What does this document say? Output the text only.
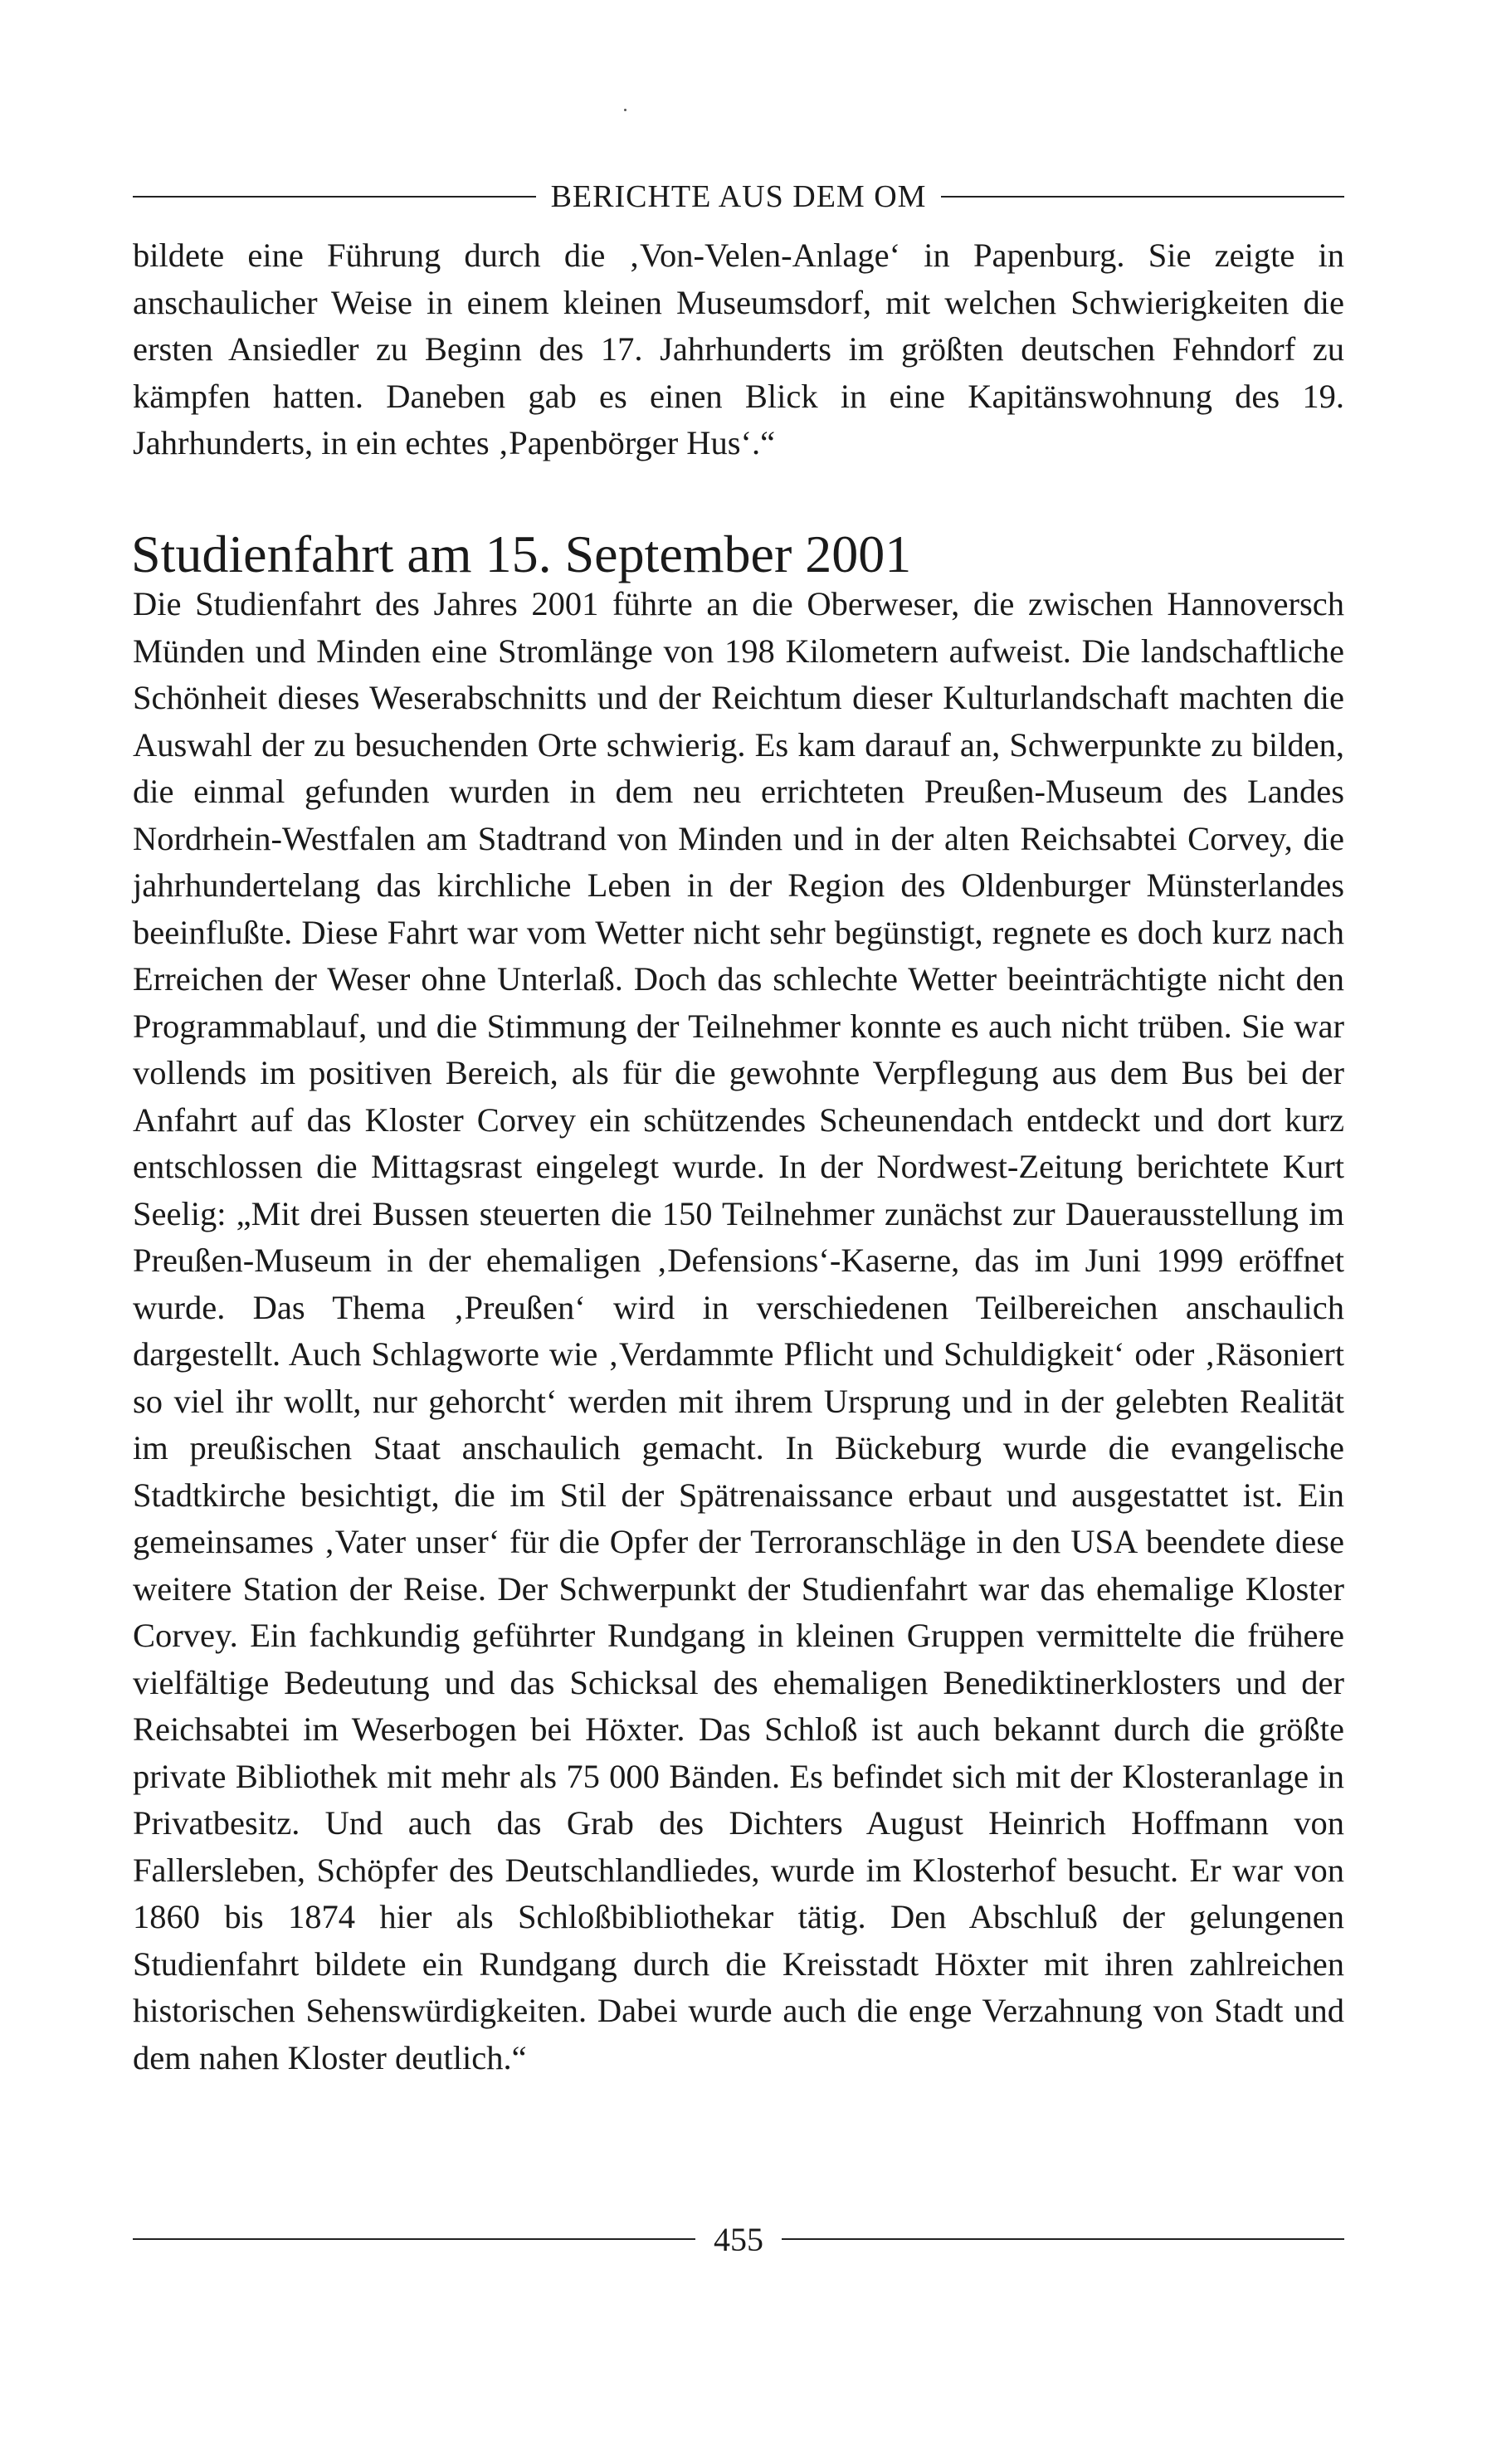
BERICHTE AUS DEM OM

bildete eine Führung durch die ‚Von-Velen-Anlage‘ in Papenburg. Sie zeigte in anschaulicher Weise in einem kleinen Museumsdorf, mit welchen Schwierigkeiten die ersten Ansiedler zu Beginn des 17. Jahrhunderts im größten deutschen Fehndorf zu kämpfen hatten. Daneben gab es einen Blick in eine Kapitänswohnung des 19. Jahrhunderts, in ein echtes ‚Papenbörger Hus‘.“

Studienfahrt am 15. September 2001

Die Studienfahrt des Jahres 2001 führte an die Oberweser, die zwischen Hannoversch Münden und Minden eine Stromlänge von 198 Kilometern aufweist. Die landschaftliche Schönheit dieses Weserabschnitts und der Reichtum dieser Kulturlandschaft machten die Auswahl der zu besuchenden Orte schwierig. Es kam darauf an, Schwerpunkte zu bilden, die einmal gefunden wurden in dem neu errichteten Preußen-Museum des Landes Nordrhein-Westfalen am Stadtrand von Minden und in der alten Reichsabtei Corvey, die jahrhundertelang das kirchliche Leben in der Region des Oldenburger Münsterlandes beeinflußte. Diese Fahrt war vom Wetter nicht sehr begünstigt, regnete es doch kurz nach Erreichen der Weser ohne Unterlaß. Doch das schlechte Wetter beeinträchtigte nicht den Programmablauf, und die Stimmung der Teilnehmer konnte es auch nicht trüben. Sie war vollends im positiven Bereich, als für die gewohnte Verpflegung aus dem Bus bei der Anfahrt auf das Kloster Corvey ein schützendes Scheunendach entdeckt und dort kurz entschlossen die Mittagsrast eingelegt wurde. In der Nordwest-Zeitung berichtete Kurt Seelig: „Mit drei Bussen steuerten die 150 Teilnehmer zunächst zur Dauerausstellung im Preußen-Museum in der ehemaligen ‚Defensions‘-Kaserne, das im Juni 1999 eröffnet wurde. Das Thema ‚Preußen‘ wird in verschiedenen Teilbereichen anschaulich dargestellt. Auch Schlagworte wie ‚Verdammte Pflicht und Schuldigkeit‘ oder ‚Räsoniert so viel ihr wollt, nur gehorcht‘ werden mit ihrem Ursprung und in der gelebten Realität im preußischen Staat anschaulich gemacht. In Bückeburg wurde die evangelische Stadtkirche besichtigt, die im Stil der Spätrenaissance erbaut und ausgestattet ist. Ein gemeinsames ‚Vater unser‘ für die Opfer der Terroranschläge in den USA beendete diese weitere Station der Reise. Der Schwerpunkt der Studienfahrt war das ehemalige Kloster Corvey. Ein fachkundig geführter Rundgang in kleinen Gruppen vermittelte die frühere vielfältige Bedeutung und das Schicksal des ehemaligen Benediktinerklosters und der Reichsabtei im Weserbogen bei Höxter. Das Schloß ist auch bekannt durch die größte private Bibliothek mit mehr als 75 000 Bänden. Es befindet sich mit der Klosteranlage in Privatbesitz. Und auch das Grab des Dichters August Heinrich Hoffmann von Fallersleben, Schöpfer des Deutschlandliedes, wurde im Klosterhof besucht. Er war von 1860 bis 1874 hier als Schloßbibliothekar tätig. Den Abschluß der gelungenen Studienfahrt bildete ein Rundgang durch die Kreisstadt Höxter mit ihren zahlreichen historischen Sehenswürdigkeiten. Dabei wurde auch die enge Verzahnung von Stadt und dem nahen Kloster deutlich.“

455
